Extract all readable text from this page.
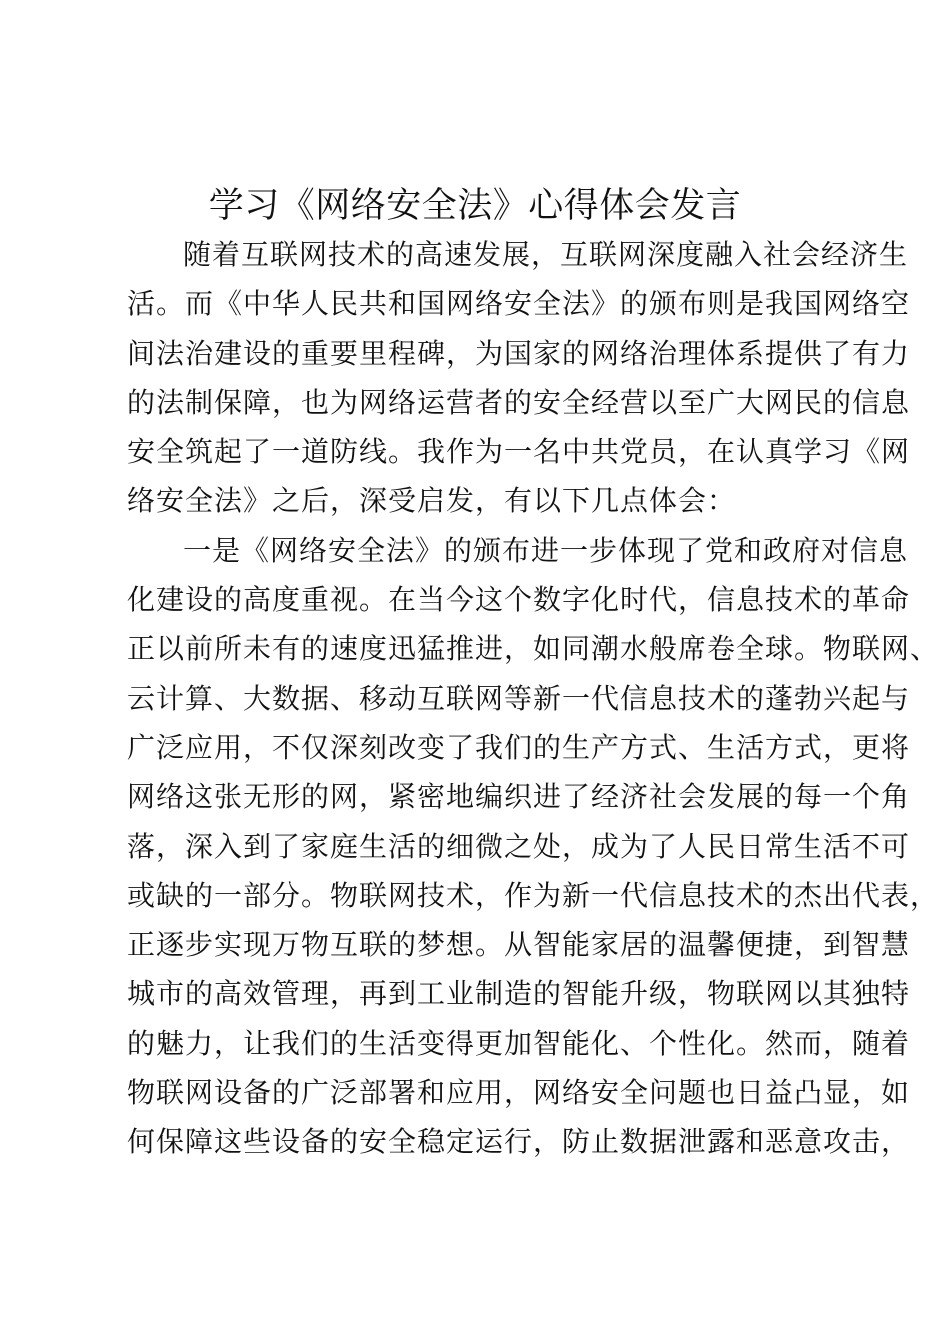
学习《网络安全法》心得体会发言
随着互联网技术的高速发展，互联网深度融入社会经济生
活。而《中华人民共和国网络安全法》的颁布则是我国网络空
间法治建设的重要里程碑，为国家的网络治理体系提供了有力
的法制保障，也为网络运营者的安全经营以至广大网民的信息
安全筑起了一道防线。我作为一名中共党员，在认真学习《网
络安全法》之后，深受启发，有以下几点体会：
一是《网络安全法》的颁布进一步体现了党和政府对信息
化建设的高度重视。在当今这个数字化时代，信息技术的革命
正以前所未有的速度迅猛推进，如同潮水般席卷全球。物联网、
云计算、大数据、移动互联网等新一代信息技术的蓬勃兴起与
广泛应用，不仅深刻改变了我们的生产方式、生活方式，更将
网络这张无形的网，紧密地编织进了经济社会发展的每一个角
落，深入到了家庭生活的细微之处，成为了人民日常生活不可
或缺的一部分。物联网技术，作为新一代信息技术的杰出代表，
正逐步实现万物互联的梦想。从智能家居的温馨便捷，到智慧
城市的高效管理，再到工业制造的智能升级，物联网以其独特
的魅力，让我们的生活变得更加智能化、个性化。然而，随着
物联网设备的广泛部署和应用，网络安全问题也日益凸显，如
何保障这些设备的安全稳定运行，防止数据泄露和恶意攻击，
